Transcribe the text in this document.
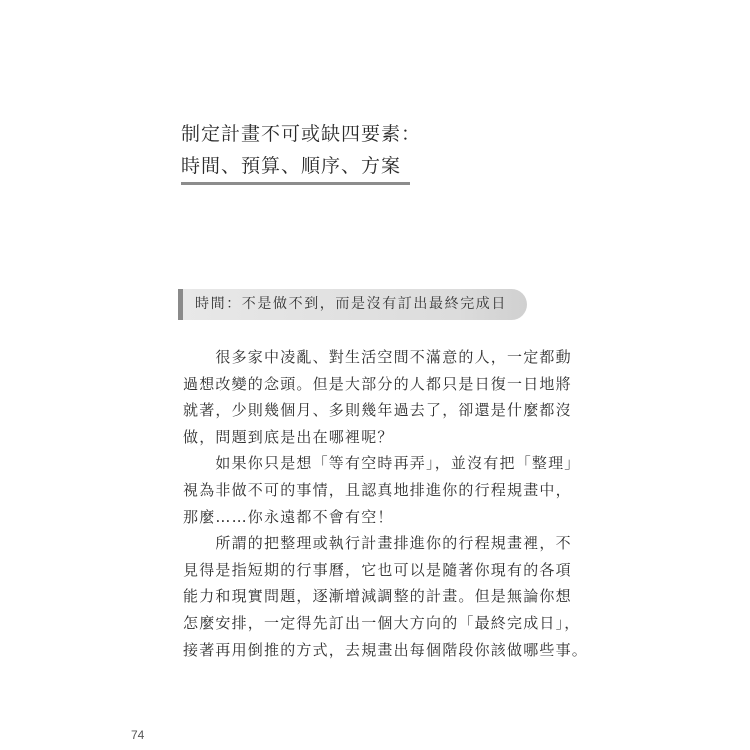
制定計畫不可或缺四要素：
時間、預算、順序、方案
時間：不是做不到，而是沒有訂出最終完成日
　　很多家中凌亂、對生活空間不滿意的人，一定都動
過想改變的念頭。但是大部分的人都只是日復一日地將
就著，少則幾個月、多則幾年過去了，卻還是什麼都沒
做，問題到底是出在哪裡呢？
　　如果你只是想「等有空時再弄」，並沒有把「整理」
視為非做不可的事情，且認真地排進你的行程規畫中，
那麼……你永遠都不會有空！
　　所謂的把整理或執行計畫排進你的行程規畫裡，不
見得是指短期的行事曆，它也可以是隨著你現有的各項
能力和現實問題，逐漸增減調整的計畫。但是無論你想
怎麼安排，一定得先訂出一個大方向的「最終完成日」，
接著再用倒推的方式，去規畫出每個階段你該做哪些事。
74
